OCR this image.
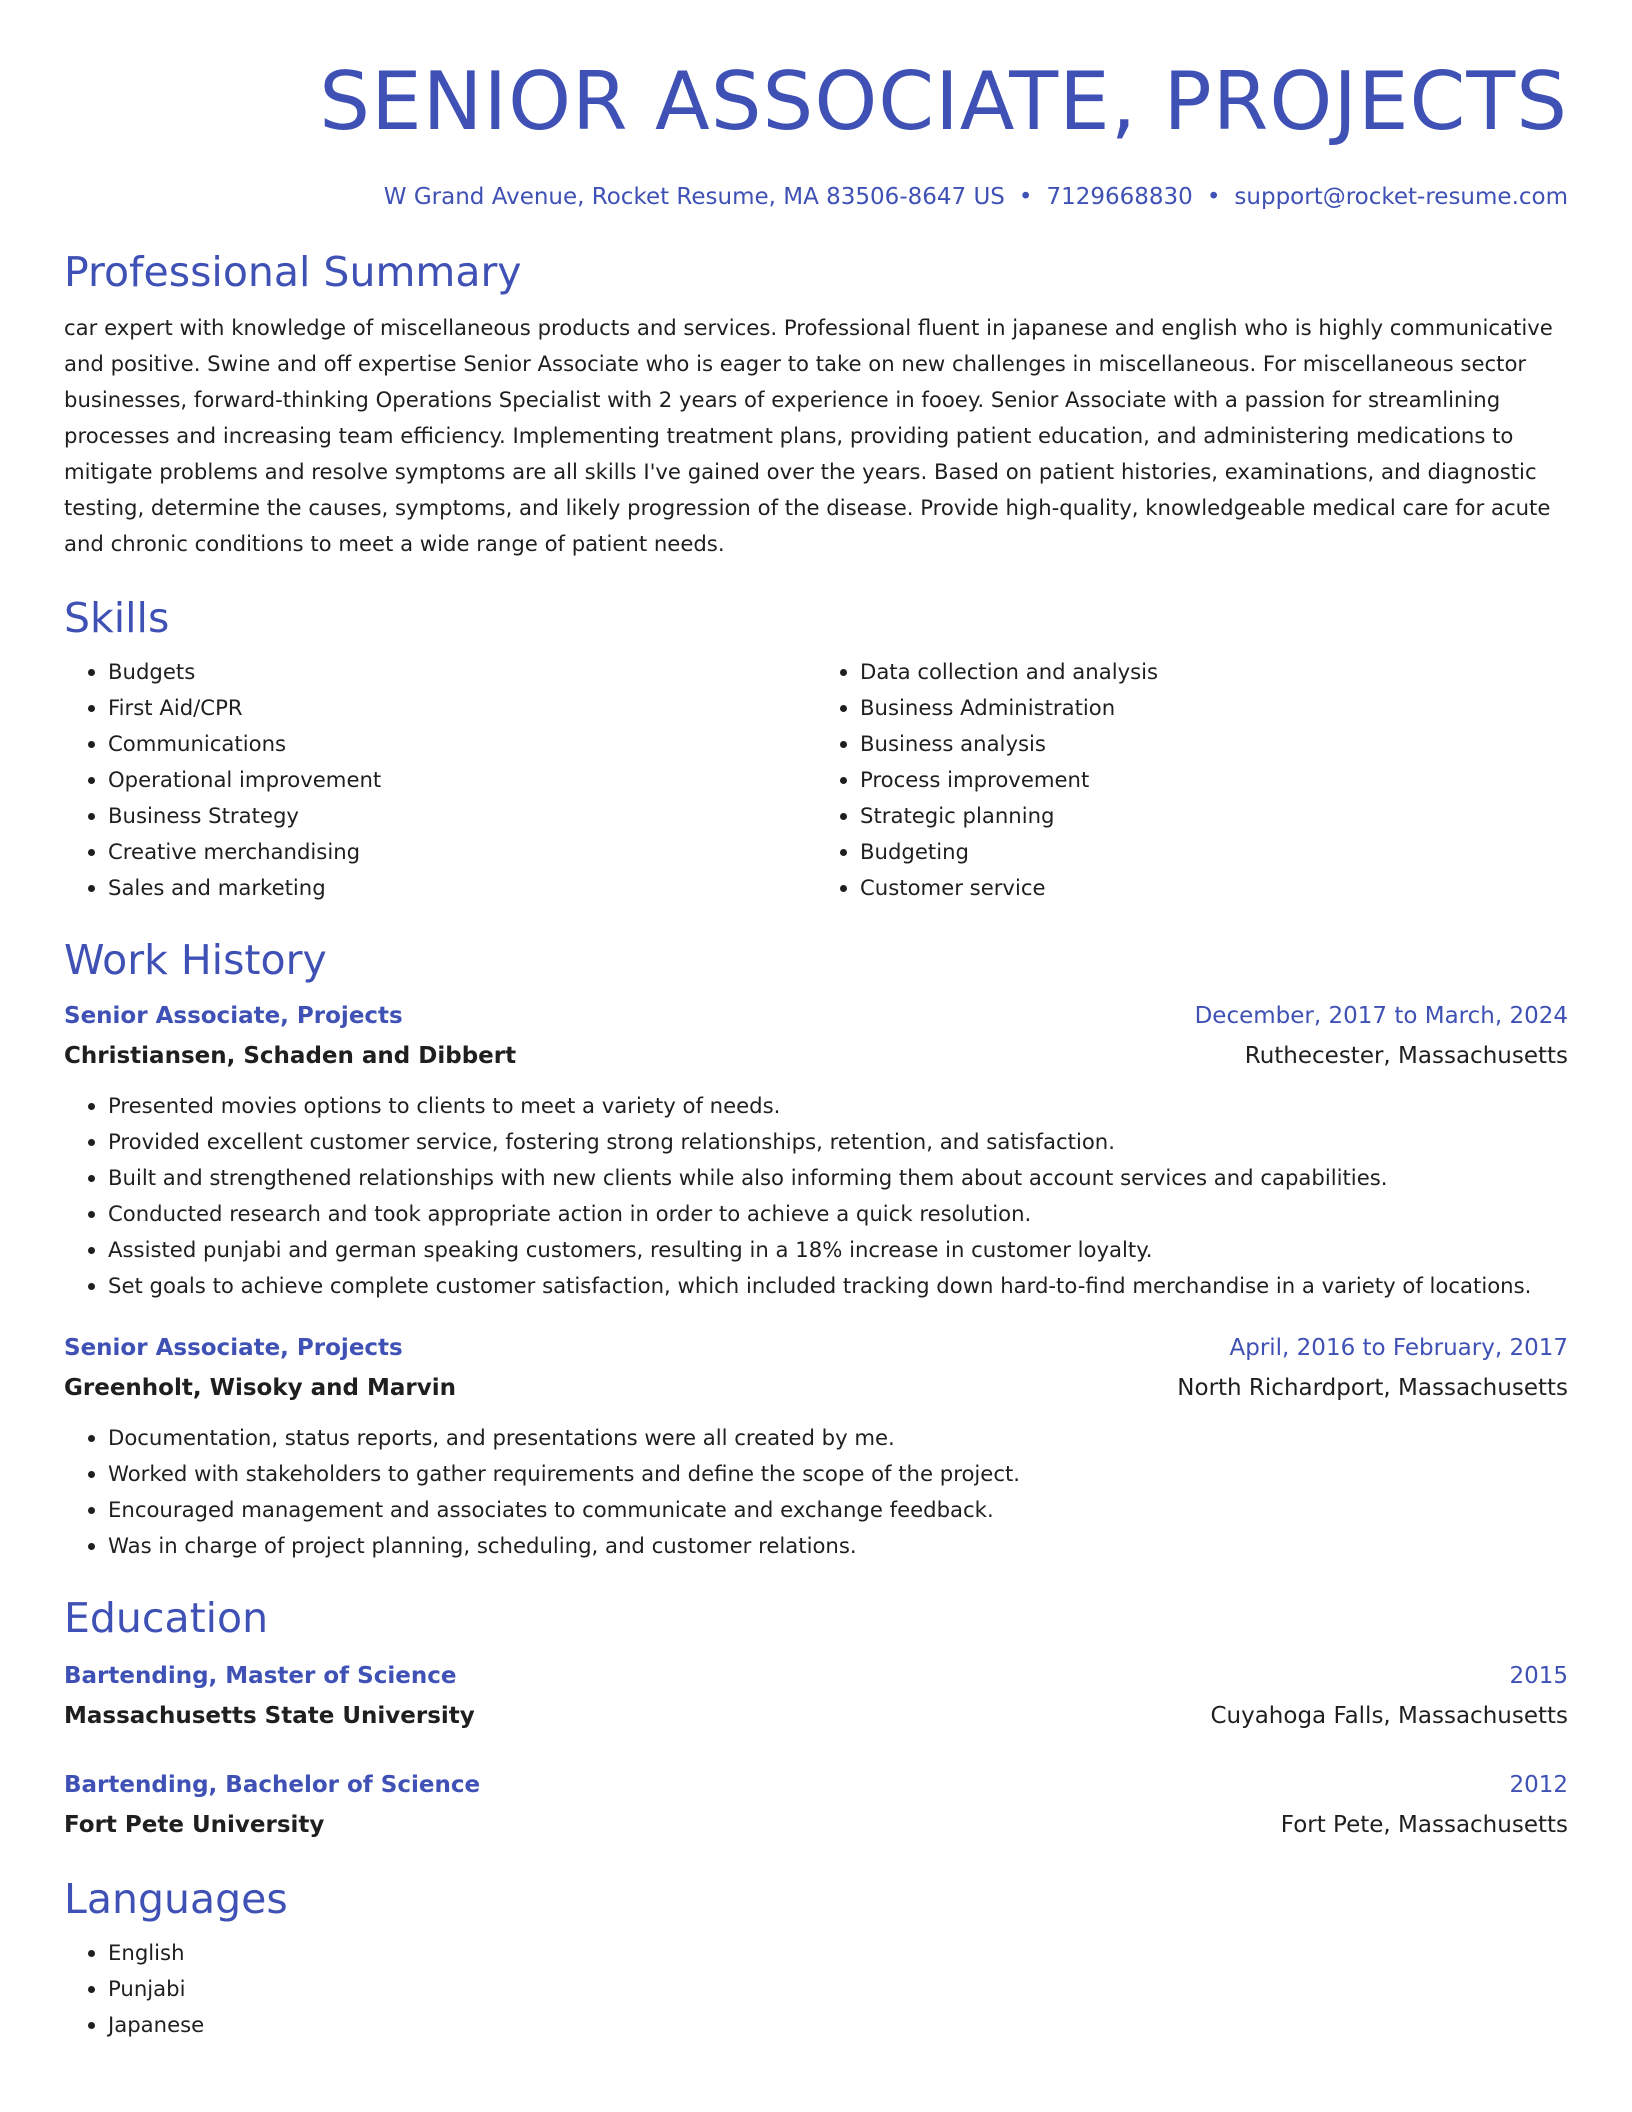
SENIOR ASSOCIATE, PROJECTS
W Grand Avenue, Rocket Resume, MA 83506-8647 US • 7129668830 • support@rocket-resume.com
Professional Summary

car expert with knowledge of miscellaneous products and services. Professional fluent in japanese and english who is highly communicative and positive. Swine and off expertise Senior Associate who is eager to take on new challenges in miscellaneous. For miscellaneous sector businesses, forward-thinking Operations Specialist with 2 years of experience in fooey. Senior Associate with a passion for streamlining processes and increasing team efficiency. Implementing treatment plans, providing patient education, and administering medications to mitigate problems and resolve symptoms are all skills I've gained over the years. Based on patient histories, examinations, and diagnostic testing, determine the causes, symptoms, and likely progression of the disease. Provide high-quality, knowledgeable medical care for acute and chronic conditions to meet a wide range of patient needs.

Skills
• Budgets
• First Aid/CPR
• Communications
• Operational improvement
• Business Strategy
• Creative merchandising
• Sales and marketing
• Data collection and analysis
• Business Administration
• Business analysis
• Process improvement
• Strategic planning
• Budgeting
• Customer service
Work History
Senior Associate, Projects	December, 2017 to March, 2024
Christiansen, Schaden and Dibbert	Ruthecester, Massachusetts
• Presented movies options to clients to meet a variety of needs.
• Provided excellent customer service, fostering strong relationships, retention, and satisfaction.
• Built and strengthened relationships with new clients while also informing them about account services and capabilities.
• Conducted research and took appropriate action in order to achieve a quick resolution.
• Assisted punjabi and german speaking customers, resulting in a 18% increase in customer loyalty.
• Set goals to achieve complete customer satisfaction, which included tracking down hard-to-find merchandise in a variety of locations.
Senior Associate, Projects	April, 2016 to February, 2017
Greenholt, Wisoky and Marvin	North Richardport, Massachusetts
• Documentation, status reports, and presentations were all created by me.
• Worked with stakeholders to gather requirements and define the scope of the project.
• Encouraged management and associates to communicate and exchange feedback.
• Was in charge of project planning, scheduling, and customer relations.
Education
Bartending, Master of Science	2015
Massachusetts State University	Cuyahoga Falls, Massachusetts
Bartending, Bachelor of Science	2012
Fort Pete University	Fort Pete, Massachusetts
Languages
• English
• Punjabi
• Japanese
